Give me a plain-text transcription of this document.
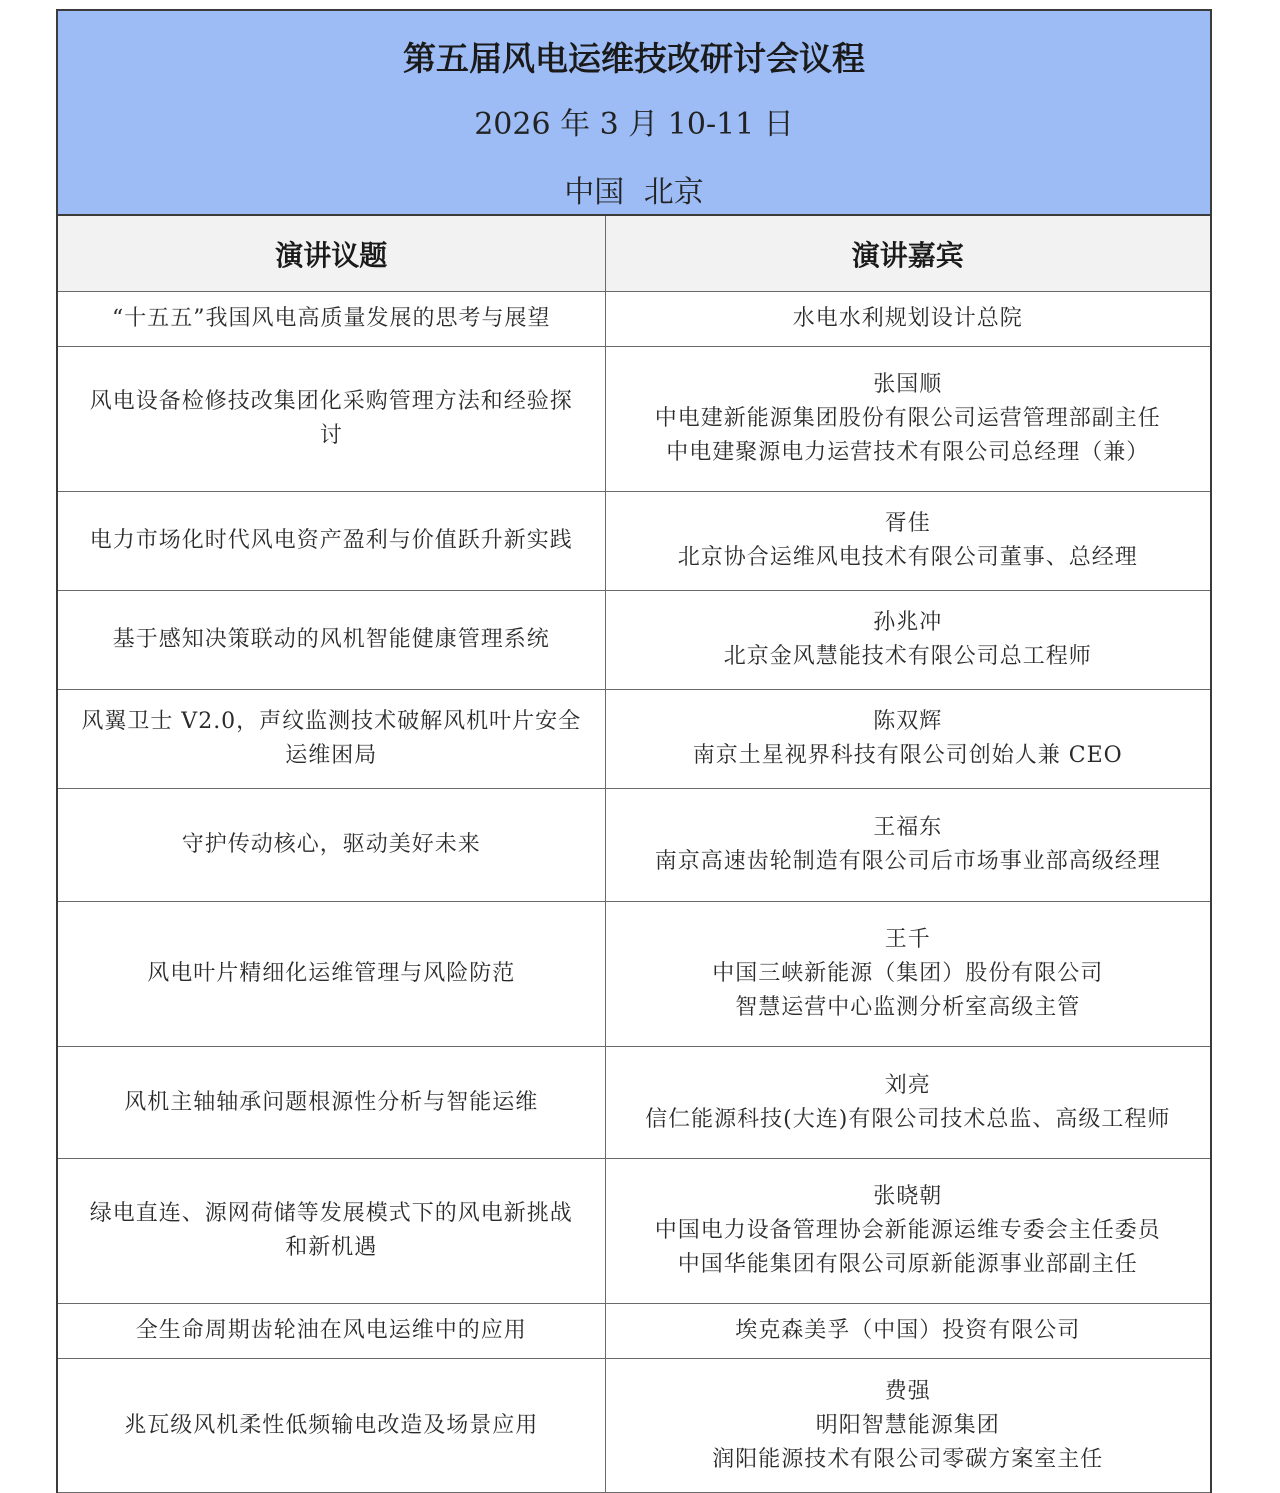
第五届风电运维技改研讨会议程
2026 年 3 月 10-11 日
中国 北京
演讲议题	演讲嘉宾

“十五五”我国风电高质量发展的思考与展望	水电水利规划设计总院

风电设备检修技改集团化采购管理方法和经验探
讨	张国顺
中电建新能源集团股份有限公司运营管理部副主任
中电建聚源电力运营技术有限公司总经理（兼）

电力市场化时代风电资产盈利与价值跃升新实践	胥佳
北京协合运维风电技术有限公司董事、总经理

基于感知决策联动的风机智能健康管理系统	孙兆冲
北京金风慧能技术有限公司总工程师

风翼卫士 V2.0，声纹监测技术破解风机叶片安全
运维困局	陈双辉
南京土星视界科技有限公司创始人兼 CEO

守护传动核心，驱动美好未来	王福东
南京高速齿轮制造有限公司后市场事业部高级经理

风电叶片精细化运维管理与风险防范	王千
中国三峡新能源（集团）股份有限公司
智慧运营中心监测分析室高级主管

风机主轴轴承问题根源性分析与智能运维	刘亮
信仁能源科技(大连)有限公司技术总监、高级工程师

绿电直连、源网荷储等发展模式下的风电新挑战
和新机遇	张晓朝
中国电力设备管理协会新能源运维专委会主任委员
中国华能集团有限公司原新能源事业部副主任

全生命周期齿轮油在风电运维中的应用	埃克森美孚（中国）投资有限公司

兆瓦级风机柔性低频输电改造及场景应用	费强
明阳智慧能源集团
润阳能源技术有限公司零碳方案室主任
